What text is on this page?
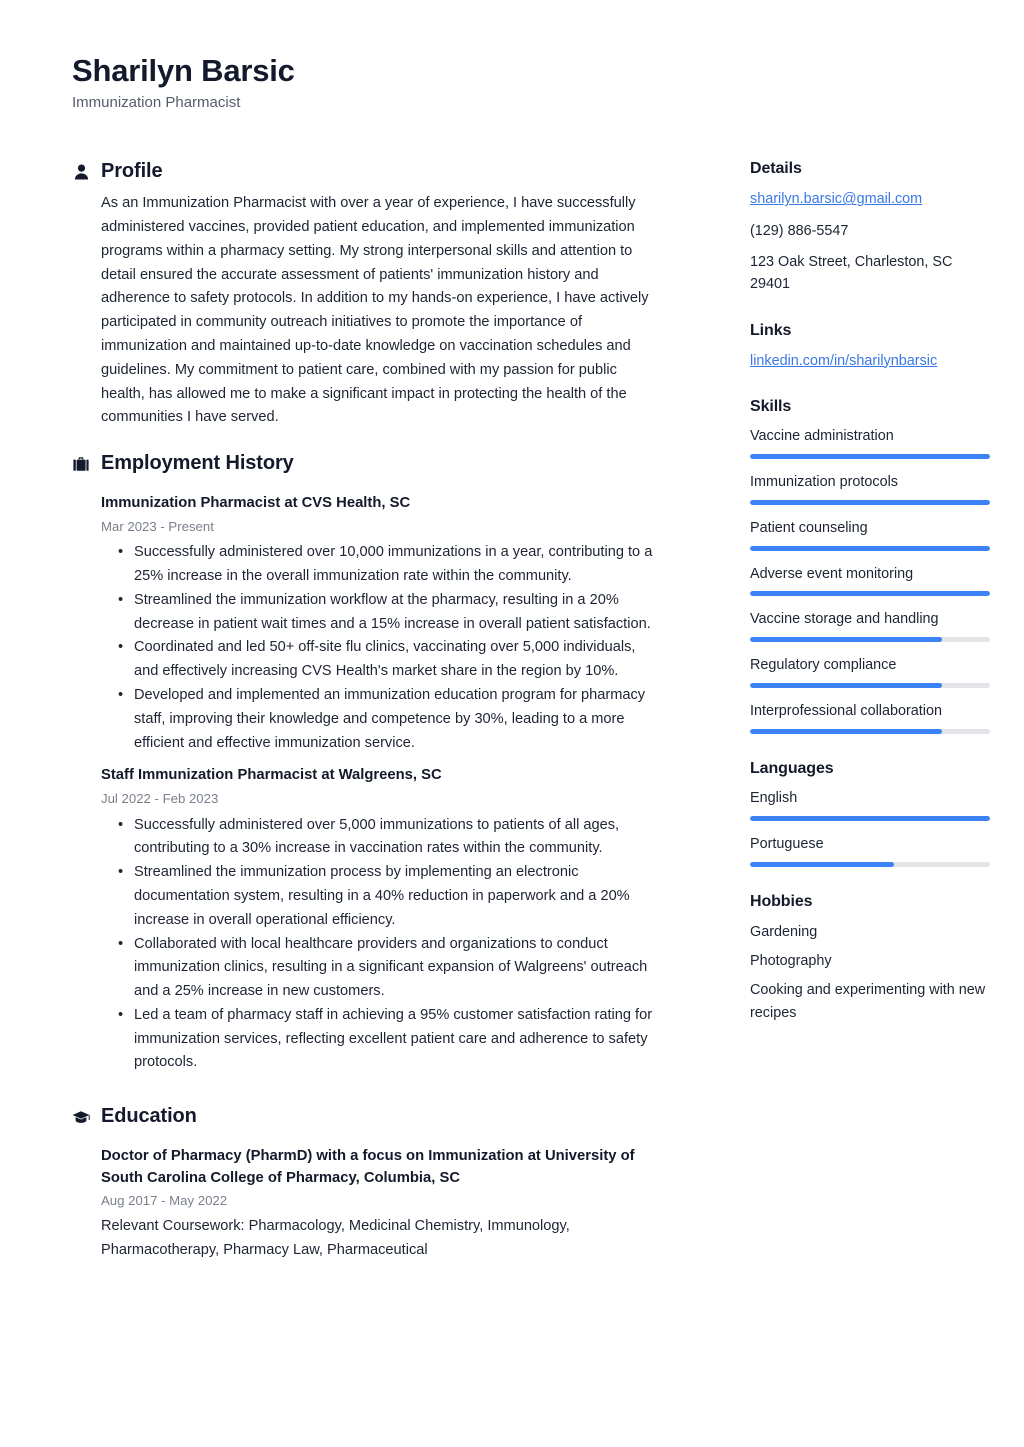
Sharilyn Barsic
Immunization Pharmacist
Profile
As an Immunization Pharmacist with over a year of experience, I have successfully administered vaccines, provided patient education, and implemented immunization programs within a pharmacy setting. My strong interpersonal skills and attention to detail ensured the accurate assessment of patients' immunization history and adherence to safety protocols. In addition to my hands-on experience, I have actively participated in community outreach initiatives to promote the importance of immunization and maintained up-to-date knowledge on vaccination schedules and guidelines. My commitment to patient care, combined with my passion for public health, has allowed me to make a significant impact in protecting the health of the communities I have served.
Employment History
Immunization Pharmacist at CVS Health, SC
Mar 2023 - Present
• Successfully administered over 10,000 immunizations in a year, contributing to a 25% increase in the overall immunization rate within the community.
• Streamlined the immunization workflow at the pharmacy, resulting in a 20% decrease in patient wait times and a 15% increase in overall patient satisfaction.
• Coordinated and led 50+ off-site flu clinics, vaccinating over 5,000 individuals, and effectively increasing CVS Health's market share in the region by 10%.
• Developed and implemented an immunization education program for pharmacy staff, improving their knowledge and competence by 30%, leading to a more efficient and effective immunization service.
Staff Immunization Pharmacist at Walgreens, SC
Jul 2022 - Feb 2023
• Successfully administered over 5,000 immunizations to patients of all ages, contributing to a 30% increase in vaccination rates within the community.
• Streamlined the immunization process by implementing an electronic documentation system, resulting in a 40% reduction in paperwork and a 20% increase in overall operational efficiency.
• Collaborated with local healthcare providers and organizations to conduct immunization clinics, resulting in a significant expansion of Walgreens' outreach and a 25% increase in new customers.
• Led a team of pharmacy staff in achieving a 95% customer satisfaction rating for immunization services, reflecting excellent patient care and adherence to safety protocols.
Education
Doctor of Pharmacy (PharmD) with a focus on Immunization at University of South Carolina College of Pharmacy, Columbia, SC
Aug 2017 - May 2022
Relevant Coursework: Pharmacology, Medicinal Chemistry, Immunology, Pharmacotherapy, Pharmacy Law, Pharmaceutical
Details
sharilyn.barsic@gmail.com
(129) 886-5547
123 Oak Street, Charleston, SC 29401
Links
linkedin.com/in/sharilynbarsic
Skills
Vaccine administration
Immunization protocols
Patient counseling
Adverse event monitoring
Vaccine storage and handling
Regulatory compliance
Interprofessional collaboration
Languages
English
Portuguese
Hobbies
Gardening
Photography
Cooking and experimenting with new recipes
